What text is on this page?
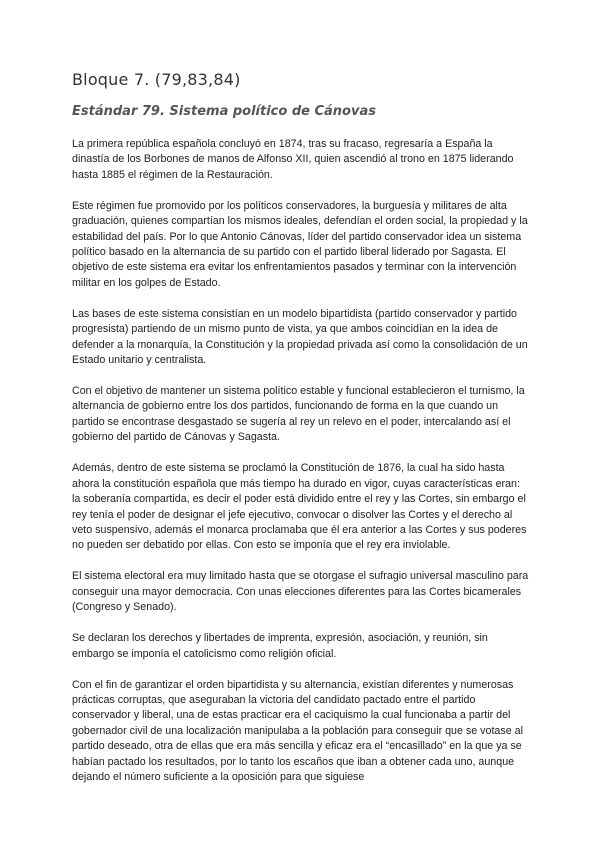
Bloque 7. (79,83,84)
Estándar 79. Sistema político de Cánovas

La primera república española concluyó en 1874, tras su fracaso, regresaría a España la dinastía de los Borbones de manos de Alfonso XII, quien ascendió al trono en 1875 liderando hasta 1885 el régimen de la Restauración.

Este régimen fue promovido por los políticos conservadores, la burguesía y militares de alta graduación, quienes compartían los mismos ideales, defendían el orden social, la propiedad y la estabilidad del país. Por lo que Antonio Cánovas, líder del partido conservador idea un sistema político basado en la alternancia de su partido con el partido liberal liderado por Sagasta. El objetivo de este sistema era evitar los enfrentamientos pasados y terminar con la intervención militar en los golpes de Estado.

Las bases de este sistema consistían en un modelo bipartidista (partido conservador y partido progresista) partiendo de un mismo punto de vista, ya que ambos coincidían en la idea de defender a la monarquía, la Constitución y la propiedad privada así como la consolidación de un Estado unitario y centralista.

Con el objetivo de mantener un sistema político estable y funcional establecieron el turnismo, la alternancia de gobierno entre los dos partidos, funcionando de forma en la que cuando un partido se encontrase desgastado se sugería al rey un relevo en el poder, intercalando así el gobierno del partido de Cánovas y Sagasta.

Además, dentro de este sistema se proclamó la Constitución de 1876, la cual ha sido hasta ahora la constitución española que más tiempo ha durado en vigor, cuyas características eran: la soberanía compartida, es decir el poder está dividido entre el rey y las Cortes, sin embargo el rey tenía el poder de designar el jefe ejecutivo, convocar o disolver las Cortes y el derecho al veto suspensivo, además el monarca proclamaba que él era anterior a las Cortes y sus poderes no pueden ser debatido por ellas. Con esto se imponía que el rey era inviolable.

El sistema electoral era muy limitado hasta que se otorgase el sufragio universal masculino para conseguir una mayor democracia. Con unas elecciones diferentes para las Cortes bicamerales (Congreso y Senado).

Se declaran los derechos y libertades de imprenta, expresión, asociación, y reunión, sin embargo se imponía el catolicismo como religión oficial.

Con el fin de garantizar el orden bipartidista y su alternancia, existían diferentes y numerosas prácticas corruptas, que aseguraban la victoria del candidato pactado entre el partido conservador y liberal, una de estas practicar era el caciquismo la cual funcionaba a partir del gobernador civil de una localización manipulaba a la población para conseguir que se votase al partido deseado, otra de ellas que era más sencilla y eficaz era el “encasillado” en la que ya se habían pactado los resultados, por lo tanto los escaños que iban a obtener cada uno, aunque dejando el número suficiente a la oposición para que siguiese
